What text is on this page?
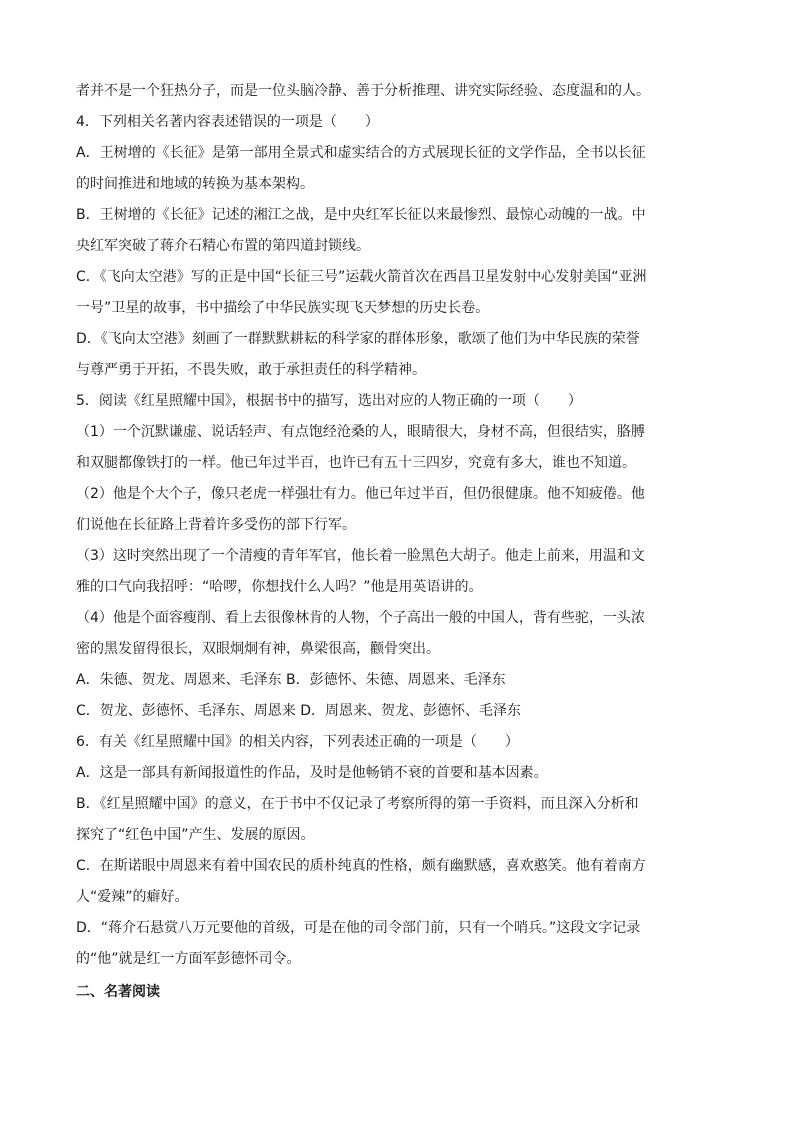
者并不是一个狂热分子，而是一位头脑冷静、善于分析推理、讲究实际经验、态度温和的人。
4．下列相关名著内容表述错误的一项是（　　）
A．王树增的《长征》是第一部用全景式和虚实结合的方式展现长征的文学作品，全书以长征
的时间推进和地域的转换为基本架构。
B．王树增的《长征》记述的湘江之战，是中央红军长征以来最惨烈、最惊心动魄的一战。中
央红军突破了蒋介石精心布置的第四道封锁线。
C．《飞向太空港》写的正是中国“长征三号”运载火箭首次在西昌卫星发射中心发射美国“亚洲
一号”卫星的故事，书中描绘了中华民族实现飞天梦想的历史长卷。
D．《飞向太空港》刻画了一群默默耕耘的科学家的群体形象，歌颂了他们为中华民族的荣誉
与尊严勇于开拓，不畏失败，敢于承担责任的科学精神。
5．阅读《红星照耀中国》，根据书中的描写，选出对应的人物正确的一项（　　）
（1）一个沉默谦虚、说话轻声、有点饱经沧桑的人，眼睛很大，身材不高，但很结实，胳膊
和双腿都像铁打的一样。他已年过半百，也许已有五十三四岁，究竟有多大，谁也不知道。
（2）他是个大个子，像只老虎一样强壮有力。他已年过半百，但仍很健康。他不知疲倦。他
们说他在长征路上背着许多受伤的部下行军。
（3）这时突然出现了一个清瘦的青年军官，他长着一脸黑色大胡子。他走上前来，用温和文
雅的口气向我招呼：“哈啰，你想找什么人吗？”他是用英语讲的。
（4）他是个面容瘦削、看上去很像林肯的人物，个子高出一般的中国人，背有些驼，一头浓
密的黑发留得很长，双眼炯炯有神，鼻梁很高，颧骨突出。
A．朱德、贺龙、周恩来、毛泽东 B．彭德怀、朱德、周恩来、毛泽东
C．贺龙、彭德怀、毛泽东、周恩来 D．周恩来、贺龙、彭德怀、毛泽东
6．有关《红星照耀中国》的相关内容，下列表述正确的一项是（　　）
A．这是一部具有新闻报道性的作品，及时是他畅销不衰的首要和基本因素。
B．《红星照耀中国》的意义，在于书中不仅记录了考察所得的第一手资料，而且深入分析和
探究了“红色中国”产生、发展的原因。
C．在斯诺眼中周恩来有着中国农民的质朴纯真的性格，颇有幽默感，喜欢憨笑。他有着南方
人“爱辣”的癖好。
D．“蒋介石悬赏八万元要他的首级，可是在他的司令部门前，只有一个哨兵。”这段文字记录
的“他”就是红一方面军彭德怀司令。
二、名著阅读
